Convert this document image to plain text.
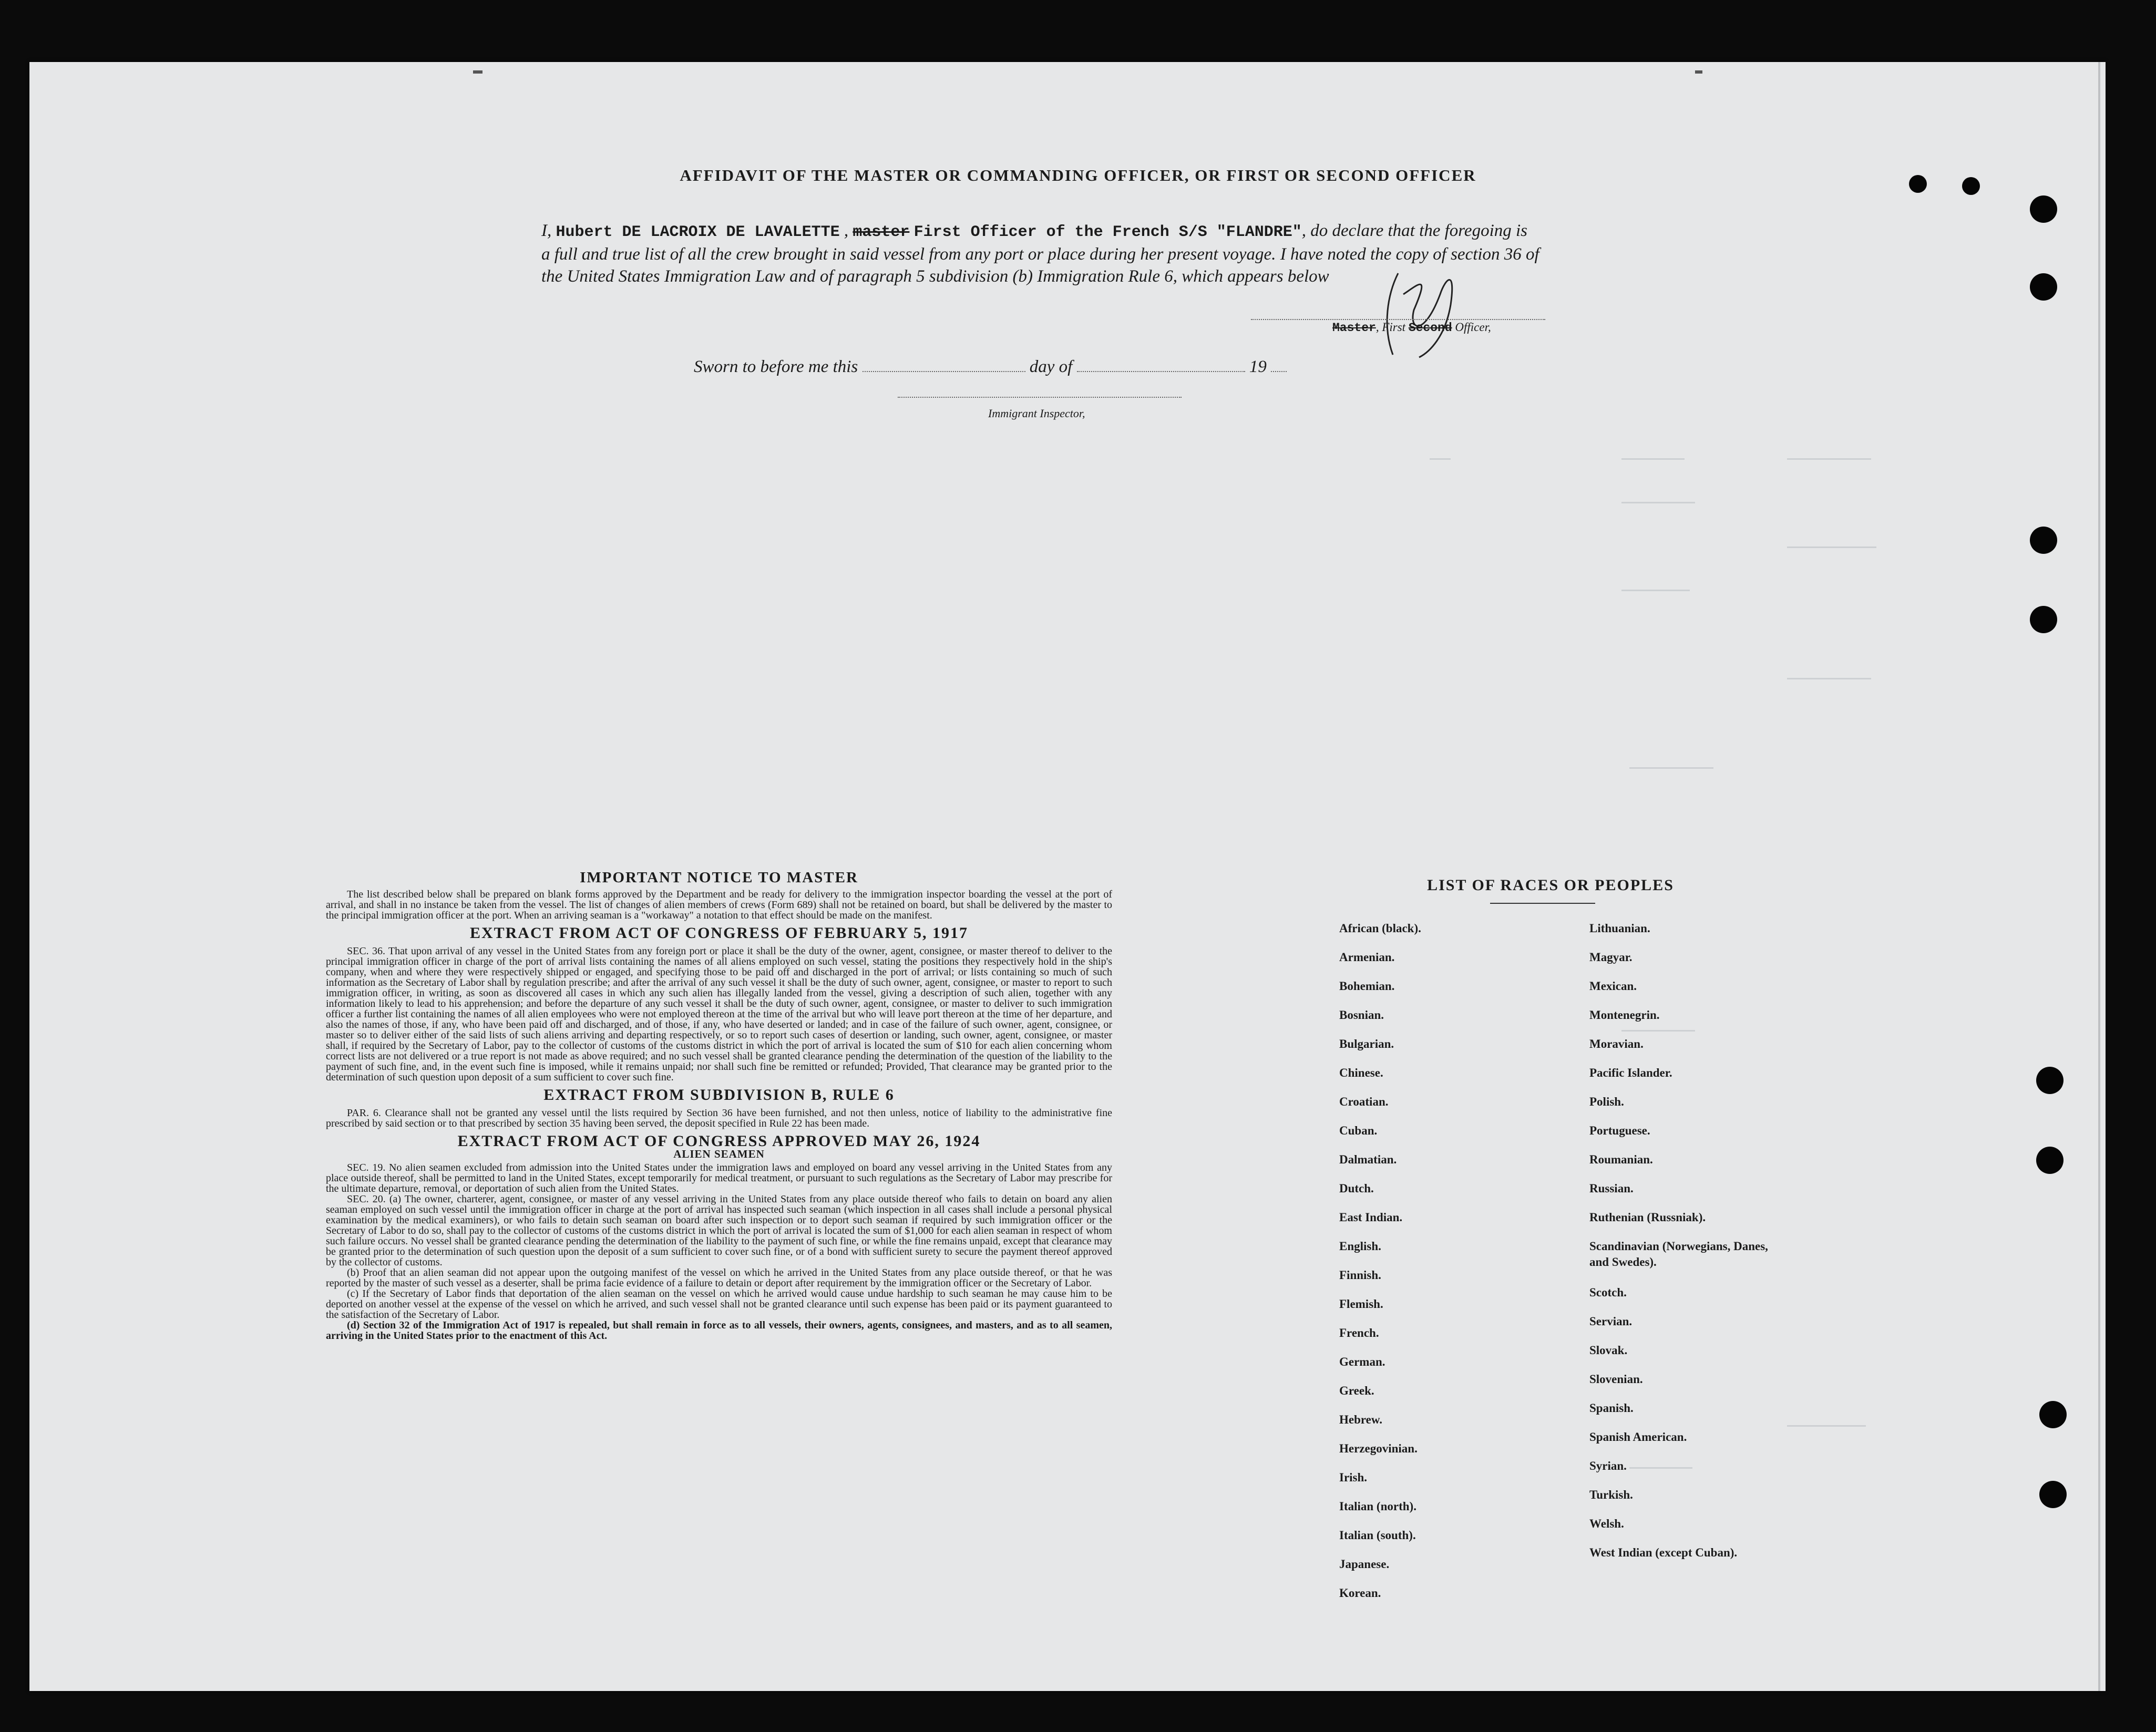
AFFIDAVIT OF THE MASTER OR COMMANDING OFFICER, OR FIRST OR SECOND OFFICER
I, Hubert DE LACROIX DE LAVALETTE , master First Officer of the French S/S "FLANDRE", do declare that the foregoing is a full and true list of all the crew brought in said vessel from any port or place during her present voyage. I have noted the copy of section 36 of the United States Immigration Law and of paragraph 5 subdivision (b) Immigration Rule 6, which appears below
Master, First Second Officer,
Sworn to before me this	day of	19
Immigrant Inspector,
IMPORTANT NOTICE TO MASTER

The list described below shall be prepared on blank forms approved by the Department and be ready for delivery to the immigration inspector boarding the vessel at the port of arrival, and shall in no instance be taken from the vessel. The list of changes of alien members of crews (Form 689) shall not be retained on board, but shall be delivered by the master to the principal immigration officer at the port. When an arriving seaman is a "workaway" a notation to that effect should be made on the manifest.

EXTRACT FROM ACT OF CONGRESS OF FEBRUARY 5, 1917

SEC. 36. That upon arrival of any vessel in the United States from any foreign port or place it shall be the duty of the owner, agent, consignee, or master thereof to deliver to the principal immigration officer in charge of the port of arrival lists containing the names of all aliens employed on such vessel, stating the positions they respectively hold in the ship's company, when and where they were respectively shipped or engaged, and specifying those to be paid off and discharged in the port of arrival; or lists containing so much of such information as the Secretary of Labor shall by regulation prescribe; and after the arrival of any such vessel it shall be the duty of such owner, agent, consignee, or master to report to such immigration officer, in writing, as soon as discovered all cases in which any such alien has illegally landed from the vessel, giving a description of such alien, together with any information likely to lead to his apprehension; and before the departure of any such vessel it shall be the duty of such owner, agent, consignee, or master to deliver to such immigration officer a further list containing the names of all alien employees who were not employed thereon at the time of the arrival but who will leave port thereon at the time of her departure, and also the names of those, if any, who have been paid off and discharged, and of those, if any, who have deserted or landed; and in case of the failure of such owner, agent, consignee, or master so to deliver either of the said lists of such aliens arriving and departing respectively, or so to report such cases of desertion or landing, such owner, agent, consignee, or master shall, if required by the Secretary of Labor, pay to the collector of customs of the customs district in which the port of arrival is located the sum of $10 for each alien concerning whom correct lists are not delivered or a true report is not made as above required; and no such vessel shall be granted clearance pending the determination of the question of the liability to the payment of such fine, and, in the event such fine is imposed, while it remains unpaid; nor shall such fine be remitted or refunded; Provided, That clearance may be granted prior to the determination of such question upon deposit of a sum sufficient to cover such fine.

EXTRACT FROM SUBDIVISION B, RULE 6

PAR. 6. Clearance shall not be granted any vessel until the lists required by Section 36 have been furnished, and not then unless, notice of liability to the administrative fine prescribed by said section or to that prescribed by section 35 having been served, the deposit specified in Rule 22 has been made.

EXTRACT FROM ACT OF CONGRESS APPROVED MAY 26, 1924
ALIEN SEAMEN

SEC. 19. No alien seamen excluded from admission into the United States under the immigration laws and employed on board any vessel arriving in the United States from any place outside thereof, shall be permitted to land in the United States, except temporarily for medical treatment, or pursuant to such regulations as the Secretary of Labor may prescribe for the ultimate departure, removal, or deportation of such alien from the United States.

SEC. 20. (a) The owner, charterer, agent, consignee, or master of any vessel arriving in the United States from any place outside thereof who fails to detain on board any alien seaman employed on such vessel until the immigration officer in charge at the port of arrival has inspected such seaman (which inspection in all cases shall include a personal physical examination by the medical examiners), or who fails to detain such seaman on board after such inspection or to deport such seaman if required by such immigration officer or the Secretary of Labor to do so, shall pay to the collector of customs of the customs district in which the port of arrival is located the sum of $1,000 for each alien seaman in respect of whom such failure occurs. No vessel shall be granted clearance pending the determination of the liability to the payment of such fine, or while the fine remains unpaid, except that clearance may be granted prior to the determination of such question upon the deposit of a sum sufficient to cover such fine, or of a bond with sufficient surety to secure the payment thereof approved by the collector of customs.

(b) Proof that an alien seaman did not appear upon the outgoing manifest of the vessel on which he arrived in the United States from any place outside thereof, or that he was reported by the master of such vessel as a deserter, shall be prima facie evidence of a failure to detain or deport after requirement by the immigration officer or the Secretary of Labor.

(c) If the Secretary of Labor finds that deportation of the alien seaman on the vessel on which he arrived would cause undue hardship to such seaman he may cause him to be deported on another vessel at the expense of the vessel on which he arrived, and such vessel shall not be granted clearance until such expense has been paid or its payment guaranteed to the satisfaction of the Secretary of Labor.

(d) Section 32 of the Immigration Act of 1917 is repealed, but shall remain in force as to all vessels, their owners, agents, consignees, and masters, and as to all seamen, arriving in the United States prior to the enactment of this Act.

LIST OF RACES OR PEOPLES
African (black).
Armenian.
Bohemian.
Bosnian.
Bulgarian.
Chinese.
Croatian.
Cuban.
Dalmatian.
Dutch.
East Indian.
English.
Finnish.
Flemish.
French.
German.
Greek.
Hebrew.
Herzegovinian.
Irish.
Italian (north).
Italian (south).
Japanese.
Korean.
Lithuanian.
Magyar.
Mexican.
Montenegrin.
Moravian.
Pacific Islander.
Polish.
Portuguese.
Roumanian.
Russian.
Ruthenian (Russniak).
Scandinavian (Norwegians, Danes, and Swedes).
Scotch.
Servian.
Slovak.
Slovenian.
Spanish.
Spanish American.
Syrian.
Turkish.
Welsh.
West Indian (except Cuban).
